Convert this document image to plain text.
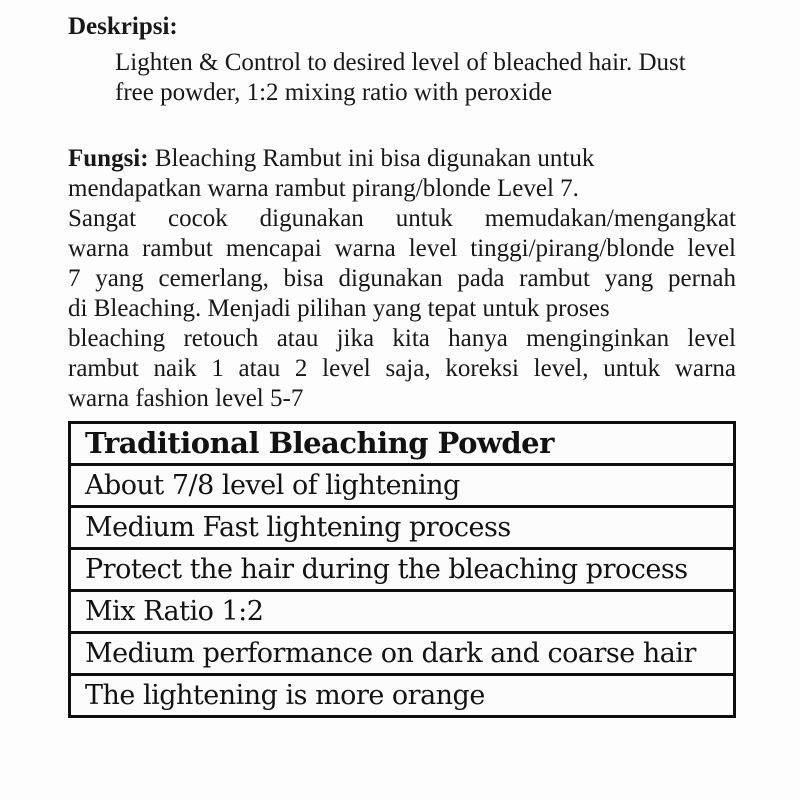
Deskripsi:
Lighten & Control to desired level of bleached hair. Dust
free powder, 1:2 mixing ratio with peroxide
Fungsi: Bleaching Rambut ini bisa digunakan untuk
mendapatkan warna rambut pirang/blonde Level 7.
Sangat cocok digunakan untuk memudakan/mengangkat
warna rambut mencapai warna level tinggi/pirang/blonde level
7 yang cemerlang, bisa digunakan pada rambut yang pernah
di Bleaching. Menjadi pilihan yang tepat untuk proses
bleaching retouch atau jika kita hanya menginginkan level
rambut naik 1 atau 2 level saja, koreksi level, untuk warna
warna fashion level 5-7
Traditional Bleaching Powder
About 7/8 level of lightening
Medium Fast lightening process
Protect the hair during the bleaching process
Mix Ratio 1:2
Medium performance on dark and coarse hair
The lightening is more orange
